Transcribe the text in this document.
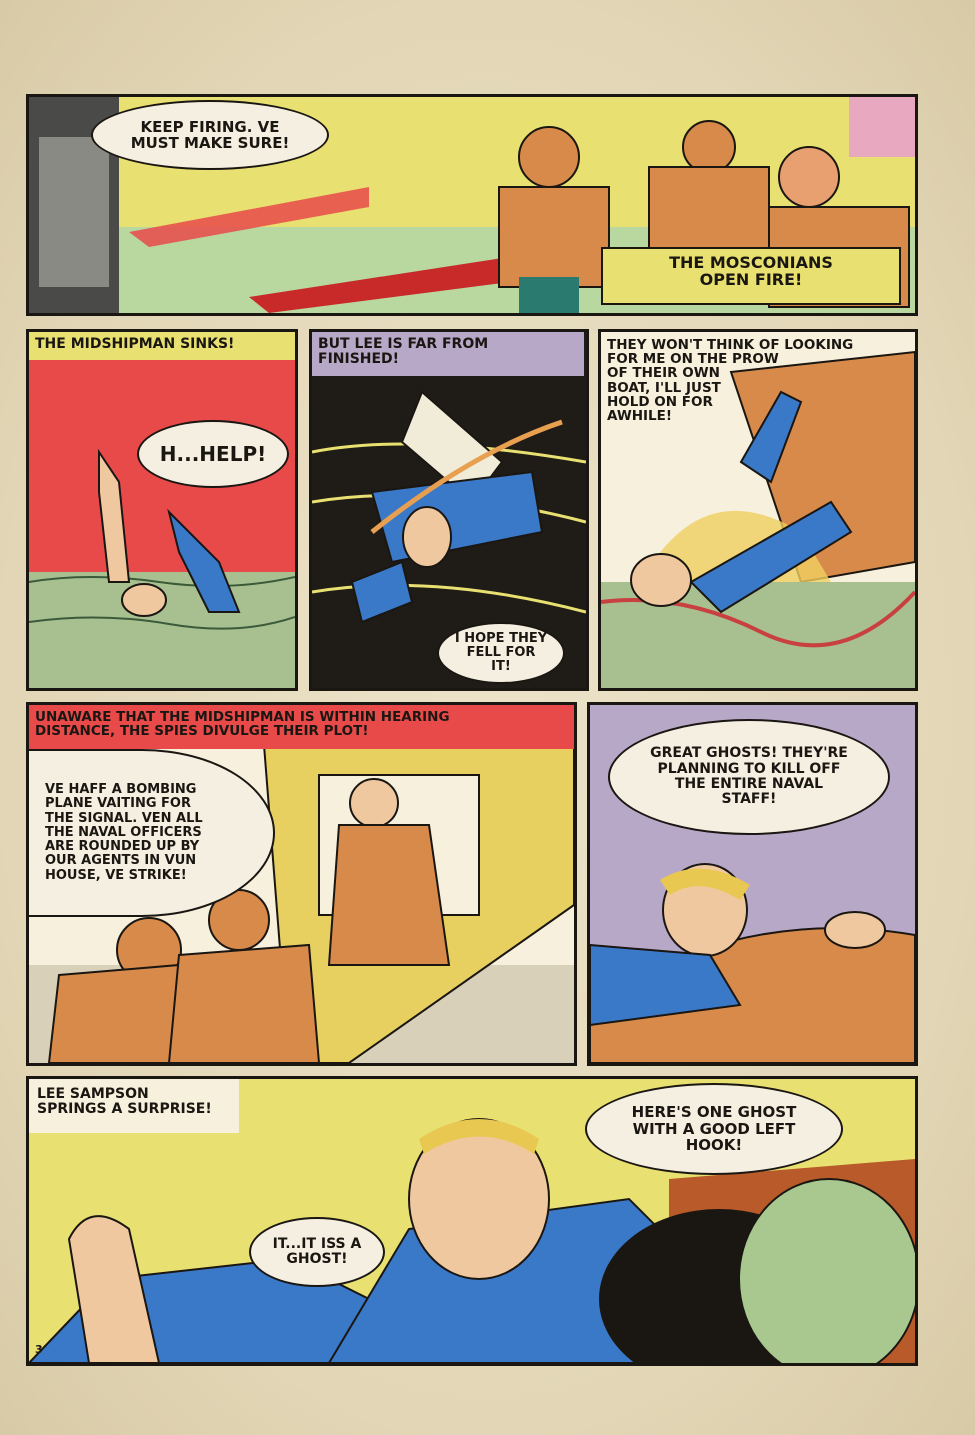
KEEP FIRING. VE
MUST MAKE SURE!
THE MOSCONIANS
OPEN FIRE!
THE MIDSHIPMAN SINKS!
H...HELP!
BUT LEE IS FAR FROM
FINISHED!
I HOPE THEY
FELL FOR
IT!
THEY WON'T THINK OF LOOKING
FOR ME ON THE PROW
OF THEIR OWN
BOAT, I'LL JUST
HOLD ON FOR
AWHILE!
UNAWARE THAT THE MIDSHIPMAN IS WITHIN HEARING
DISTANCE, THE SPIES DIVULGE THEIR PLOT!
VE HAFF A BOMBING
PLANE VAITING FOR
THE SIGNAL. VEN ALL
THE NAVAL OFFICERS
ARE ROUNDED UP BY
OUR AGENTS IN VUN
HOUSE, VE STRIKE!
GREAT GHOSTS! THEY'RE
PLANNING TO KILL OFF
THE ENTIRE NAVAL
STAFF!
LEE SAMPSON
SPRINGS A SURPRISE!	HERE'S ONE GHOST
WITH A GOOD LEFT
HOOK!
IT...IT ISS A
GHOST!
3
